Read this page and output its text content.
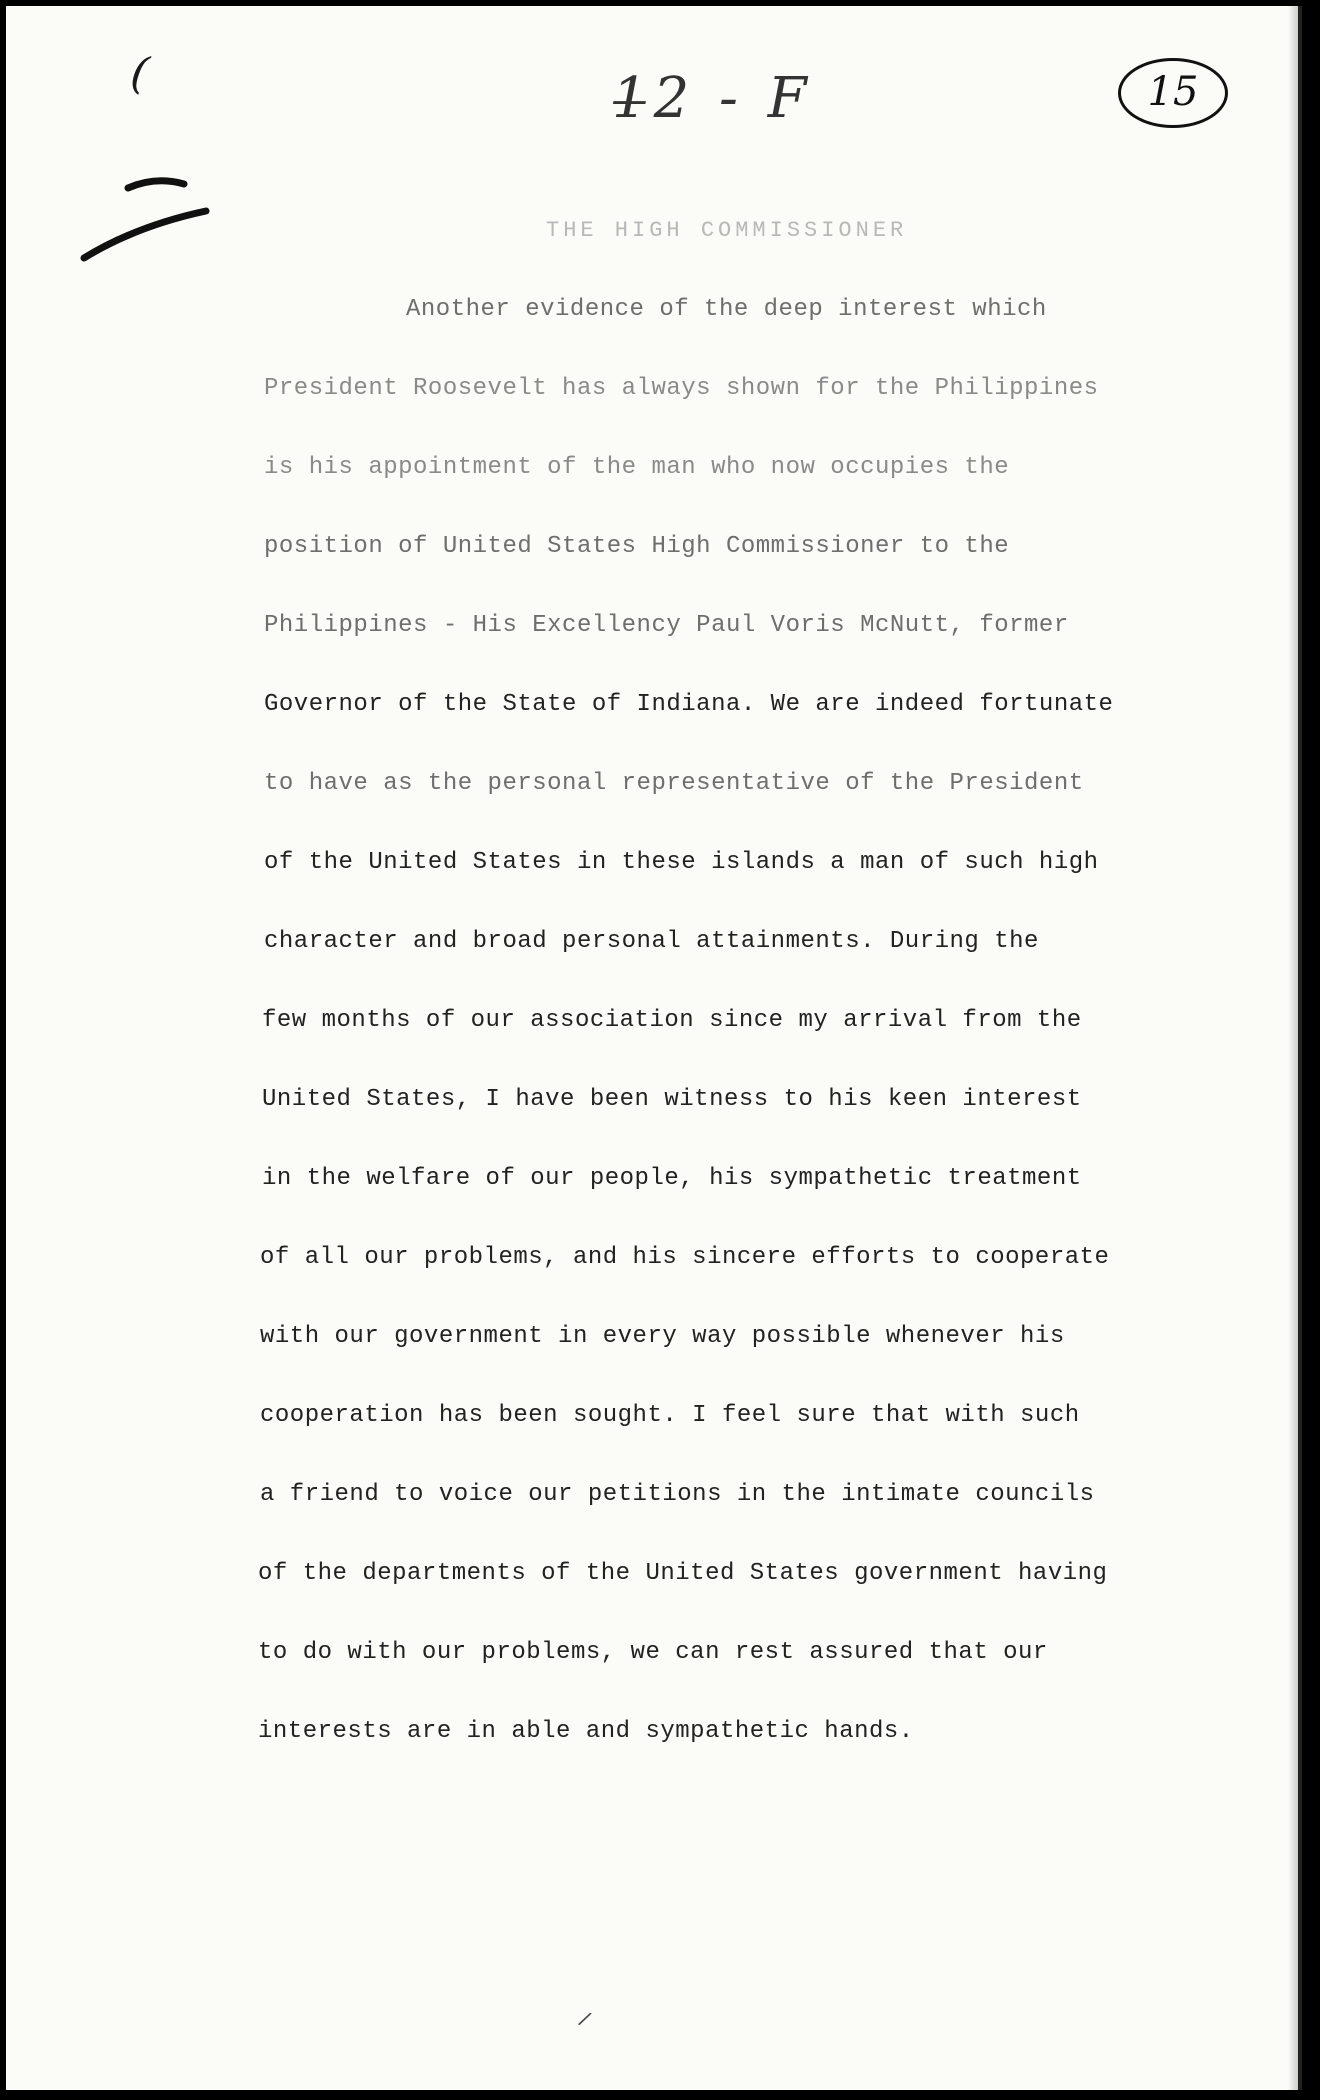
(	1̶2 - F	15
THE HIGH COMMISSIONER
Another evidence of the deep interest which
President Roosevelt has always shown for the Philippines
is his appointment of the man who now occupies the
position of United States High Commissioner to the
Philippines - His Excellency Paul Voris McNutt, former
Governor of the State of Indiana. We are indeed fortunate
to have as the personal representative of the President
of the United States in these islands a man of such high
character and broad personal attainments. During the
few months of our association since my arrival from the
United States, I have been witness to his keen interest
in the welfare of our people, his sympathetic treatment
of all our problems, and his sincere efforts to cooperate
with our government in every way possible whenever his
cooperation has been sought. I feel sure that with such
a friend to voice our petitions in the intimate councils
of the departments of the United States government having
to do with our problems, we can rest assured that our
interests are in able and sympathetic hands.
/
